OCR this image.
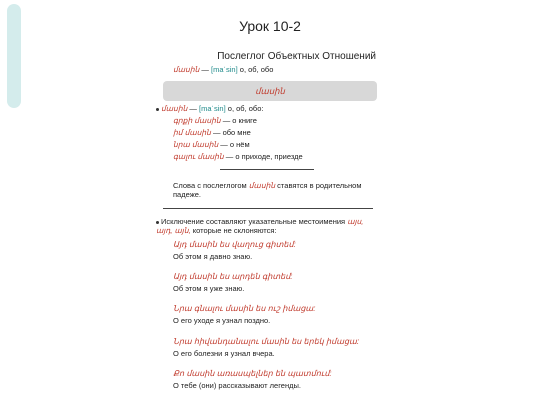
Урок 10-2
Послеглог Объектных Отношений
մասին — [maˈsin] о, об, обо
մասին
մասին — [maˈsin] о, об, обо:
գրքի մասին — о книге
իմ մասին — обо мне
նրա մասին — о нём
գալու մասին — о приходе, приезде
Слова с послеглогом մասին ставятся в родительном
падеже.
Исключение составляют указательные местоимения այս,
այդ, այն, которые не склоняются:
Այդ մասին ես վաղուց գիտեմ:
Об этом я давно знаю.
Այդ մասին ես արդեն գիտեմ:
Об этом я уже знаю.
Նրա գնալու մասին ես ուշ իմացա:
О его уходе я узнал поздно.
Նրա հիվանդանալու մասին ես երեկ իմացա:
О его болезни я узнал вчера.
Քո մասին առասպելներ են պատմում:
О тебе (они) рассказывают легенды.
